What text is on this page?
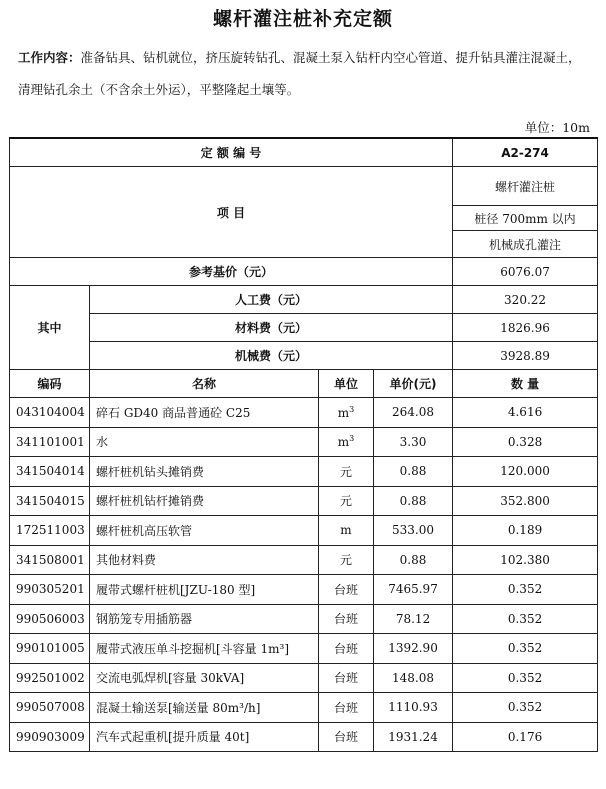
螺杆灌注桩补充定额
工作内容：准备钻具、钻机就位，挤压旋转钻孔、混凝土泵入钻杆内空心管道、提升钻具灌注混凝土，清理钻孔余土（不含余土外运），平整隆起土壤等。
单位：10m
定 额 编 号				A2-274
项 目				螺杆灌注桩
				桩径 700mm 以内
				机械成孔灌注
参考基价（元）				6076.07
其中	人工费（元）			320.22
	材料费（元）			1826.96
	机械费（元）			3928.89
编码	名称	单位	单价(元)	数 量
043104004	碎石 GD40 商品普通砼 C25	$m^3$	264.08	4.616
341101001	水	$m^3$	3.30	0.328
341504014	螺杆桩机钻头摊销费	元	0.88	120.000
341504015	螺杆桩机钻杆摊销费	元	0.88	352.800
172511003	螺杆桩机高压软管	m	533.00	0.189
341508001	其他材料费	元	0.88	102.380
990305201	履带式螺杆桩机[JZU-180 型]	台班	7465.97	0.352
990506003	钢筋笼专用插筋器	台班	78.12	0.352
990101005	履带式液压单斗挖掘机[斗容量 1m³]	台班	1392.90	0.352
992501002	交流电弧焊机[容量 30kVA]	台班	148.08	0.352
990507008	混凝土输送泵[输送量 80m³/h]	台班	1110.93	0.352
990903009	汽车式起重机[提升质量 40t]	台班	1931.24	0.176
